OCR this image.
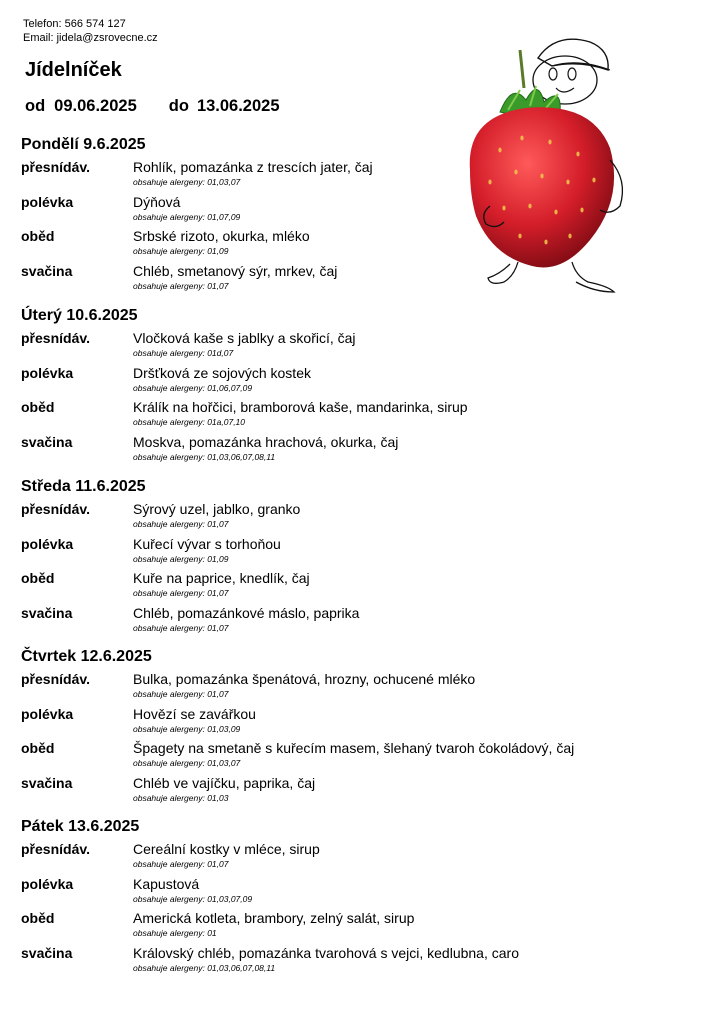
Telefon: 566 574 127
Email: jidela@zsrovecne.cz
Jídelníček
od 09.06.2025 do 13.06.2025
Pondělí 9.6.2025
přesnídáv.	Rohlík, pomazánka z trescích jater, čaj
obsahuje alergeny: 01,03,07
polévka	Dýňová
obsahuje alergeny: 01,07,09
oběd	Srbské rizoto, okurka, mléko
obsahuje alergeny: 01,09
svačina	Chléb, smetanový sýr, mrkev, čaj
obsahuje alergeny: 01,07
Úterý 10.6.2025
přesnídáv.	Vločková kaše s jablky a skořicí, čaj
obsahuje alergeny: 01d,07
polévka	Dršťková ze sojových kostek
obsahuje alergeny: 01,06,07,09
oběd	Králík na hořčici, bramborová kaše, mandarinka, sirup
obsahuje alergeny: 01a,07,10
svačina	Moskva, pomazánka hrachová, okurka, čaj
obsahuje alergeny: 01,03,06,07,08,11
Středa 11.6.2025
přesnídáv.	Sýrový uzel, jablko, granko
obsahuje alergeny: 01,07
polévka	Kuřecí vývar s torhoňou
obsahuje alergeny: 01,09
oběd	Kuře na paprice, knedlík, čaj
obsahuje alergeny: 01,07
svačina	Chléb, pomazánkové máslo, paprika
obsahuje alergeny: 01,07
Čtvrtek 12.6.2025
přesnídáv.	Bulka, pomazánka špenátová, hrozny, ochucené mléko
obsahuje alergeny: 01,07
polévka	Hovězí se zavářkou
obsahuje alergeny: 01,03,09
oběd	Špagety na smetaně s kuřecím masem, šlehaný tvaroh čokoládový, čaj
obsahuje alergeny: 01,03,07
svačina	Chléb ve vajíčku, paprika, čaj
obsahuje alergeny: 01,03
Pátek 13.6.2025
přesnídáv.	Cereální kostky v mléce, sirup
obsahuje alergeny: 01,07
polévka	Kapustová
obsahuje alergeny: 01,03,07,09
oběd	Americká kotleta, brambory, zelný salát, sirup
obsahuje alergeny: 01
svačina	Královský chléb, pomazánka tvarohová s vejci, kedlubna, caro
obsahuje alergeny: 01,03,06,07,08,11
